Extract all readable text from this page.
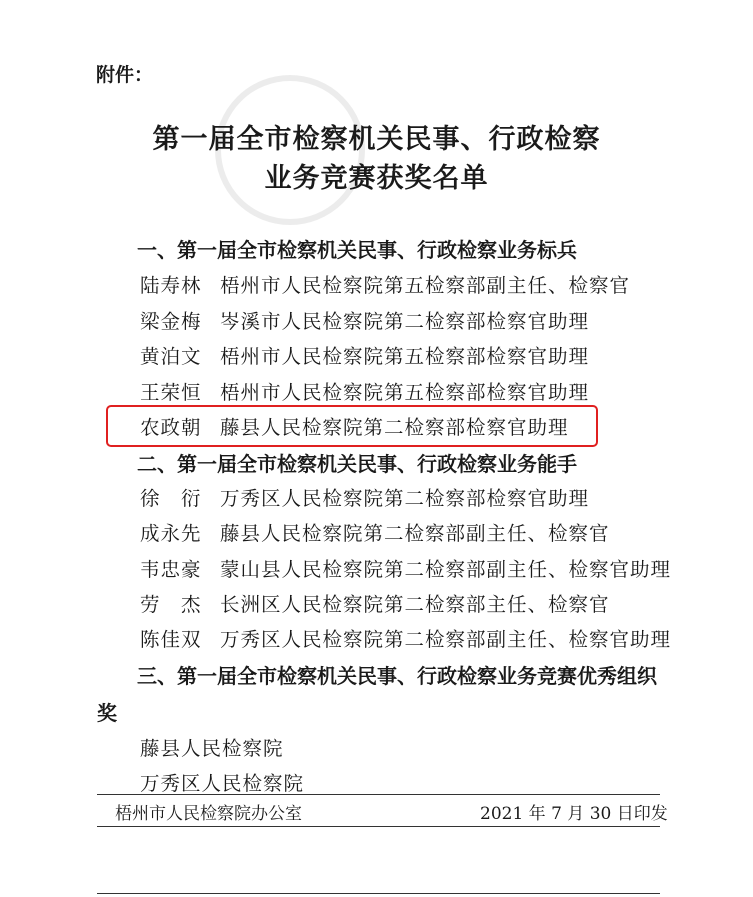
附件：
第一届全市检察机关民事、行政检察
业务竞赛获奖名单
一、第一届全市检察机关民事、行政检察业务标兵
陆寿林 梧州市人民检察院第五检察部副主任、检察官
梁金梅 岑溪市人民检察院第二检察部检察官助理
黄泊文 梧州市人民检察院第五检察部检察官助理
王荣恒 梧州市人民检察院第五检察部检察官助理
农政朝 藤县人民检察院第二检察部检察官助理
二、第一届全市检察机关民事、行政检察业务能手
徐　衍 万秀区人民检察院第二检察部检察官助理
成永先 藤县人民检察院第二检察部副主任、检察官
韦忠豪 蒙山县人民检察院第二检察部副主任、检察官助理
劳　杰 长洲区人民检察院第二检察部主任、检察官
陈佳双 万秀区人民检察院第二检察部副主任、检察官助理
三、第一届全市检察机关民事、行政检察业务竞赛优秀组织
奖
藤县人民检察院
万秀区人民检察院
梧州市人民检察院办公室	2021 年 7 月 30 日印发
